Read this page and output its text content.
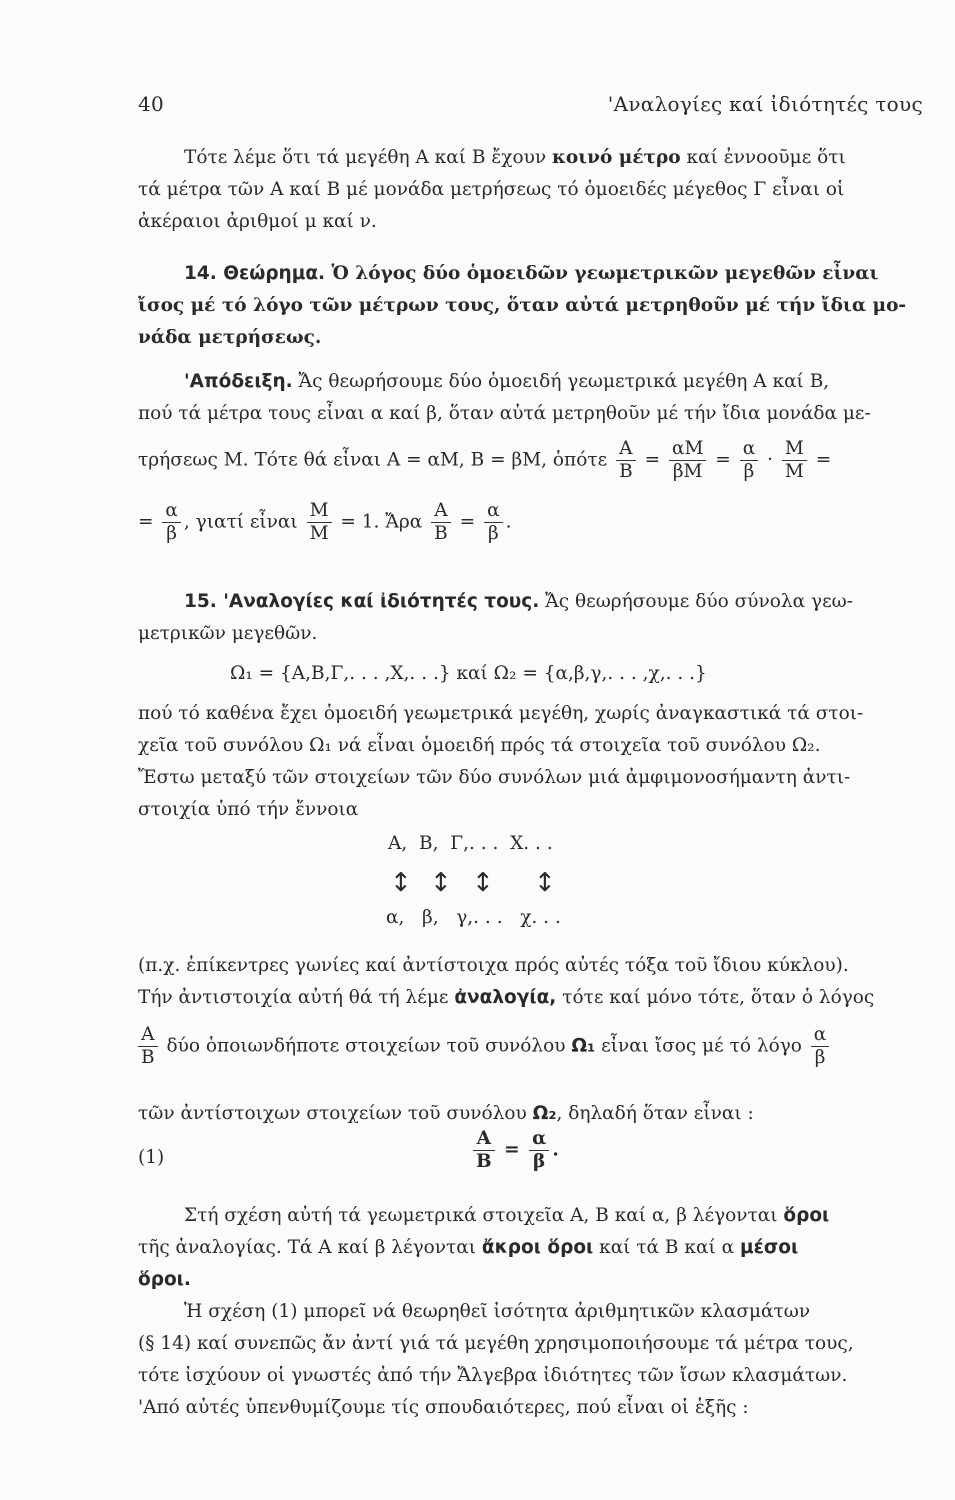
40	'Αναλογίες καί ἰδιότητές τους
Τότε λέμε ὅτι τά μεγέθη Α καί Β ἔχουν κοινό μέτρο καί ἐννοοῦμε ὅτι
τά μέτρα τῶν Α καί Β μέ μονάδα μετρήσεως τό ὁμοειδές μέγεθος Γ εἶναι οἱ
ἀκέραιοι ἀριθμοί μ καί ν.
14. Θεώρημα. Ὁ λόγος δύο ὁμοειδῶν γεωμετρικῶν μεγεθῶν εἶναι
ἴσος μέ τό λόγο τῶν μέτρων τους, ὅταν αὐτά μετρηθοῦν μέ τήν ἴδια μο-
νάδα μετρήσεως.
'Απόδειξη. Ἄς θεωρήσουμε δύο ὁμοειδή γεωμετρικά μεγέθη Α καί Β,
πού τά μέτρα τους εἶναι α καί β, ὅταν αὐτά μετρηθοῦν μέ τήν ἴδια μονάδα με-
τρήσεως Μ. Τότε θά εἶναι Α = αΜ, Β = βΜ, ὁπότε $\frac{A}{B} = \frac{\alpha M}{\beta M} = \frac{\alpha}{\beta} \cdot \frac{M}{M}$ =
= $\frac{\alpha}{\beta}$ , γιατί εἶναι $\frac{M}{M} = 1$. Ἄρα $\frac{A}{B} = \frac{\alpha}{\beta}$ .
15. 'Αναλογίες καί ἰδιότητές τους. Ἄς θεωρήσουμε δύο σύνολα γεω-
μετρικῶν μεγεθῶν.
Ω₁ = {Α,Β,Γ,. . . ,Χ,. . .} καί Ω₂ = {α,β,γ,. . . ,χ,. . .}
πού τό καθένα ἔχει ὁμοειδή γεωμετρικά μεγέθη, χωρίς ἀναγκαστικά τά στοι-
χεῖα τοῦ συνόλου Ω₁ νά εἶναι ὁμοειδή πρός τά στοιχεῖα τοῦ συνόλου Ω₂.
Ἔστω μεταξύ τῶν στοιχείων τῶν δύο συνόλων μιά ἀμφιμονοσήμαντη ἀντι-
στοιχία ὑπό τήν ἔννοια
Α,  Β,  Γ,. . .  Χ. . .
↕ ↕ ↕ ↕
α,   β,   γ,. . .   χ. . .
(π.χ. ἐπίκεντρες γωνίες καί ἀντίστοιχα πρός αὐτές τόξα τοῦ ἴδιου κύκλου).
Τήν ἀντιστοιχία αὐτή θά τή λέμε ἀναλογία, τότε καί μόνο τότε, ὅταν ὁ λόγος
$\frac{A}{B}$ δύο ὁποιωνδήποτε στοιχείων τοῦ συνόλου Ω₁ εἶναι ἴσος μέ τό λόγο $\frac{\alpha}{\beta}$
τῶν ἀντίστοιχων στοιχείων τοῦ συνόλου Ω₂, δηλαδή ὅταν εἶναι :
(1)	$\frac{A}{B} = \frac{\alpha}{\beta}$ .
Στή σχέση αὐτή τά γεωμετρικά στοιχεῖα Α, Β καί α, β λέγονται ὅροι
τῆς ἀναλογίας. Τά Α καί β λέγονται ἄκροι ὅροι καί τά Β καί α μέσοι
ὅροι.
Ἡ σχέση (1) μπορεῖ νά θεωρηθεῖ ἰσότητα ἀριθμητικῶν κλασμάτων
(§ 14) καί συνεπῶς ἄν ἀντί γιά τά μεγέθη χρησιμοποιήσουμε τά μέτρα τους,
τότε ἰσχύουν οἱ γνωστές ἀπό τήν Ἄλγεβρα ἰδιότητες τῶν ἴσων κλασμάτων.
'Από αὐτές ὑπενθυμίζουμε τίς σπουδαιότερες, πού εἶναι οἱ ἑξῆς :
